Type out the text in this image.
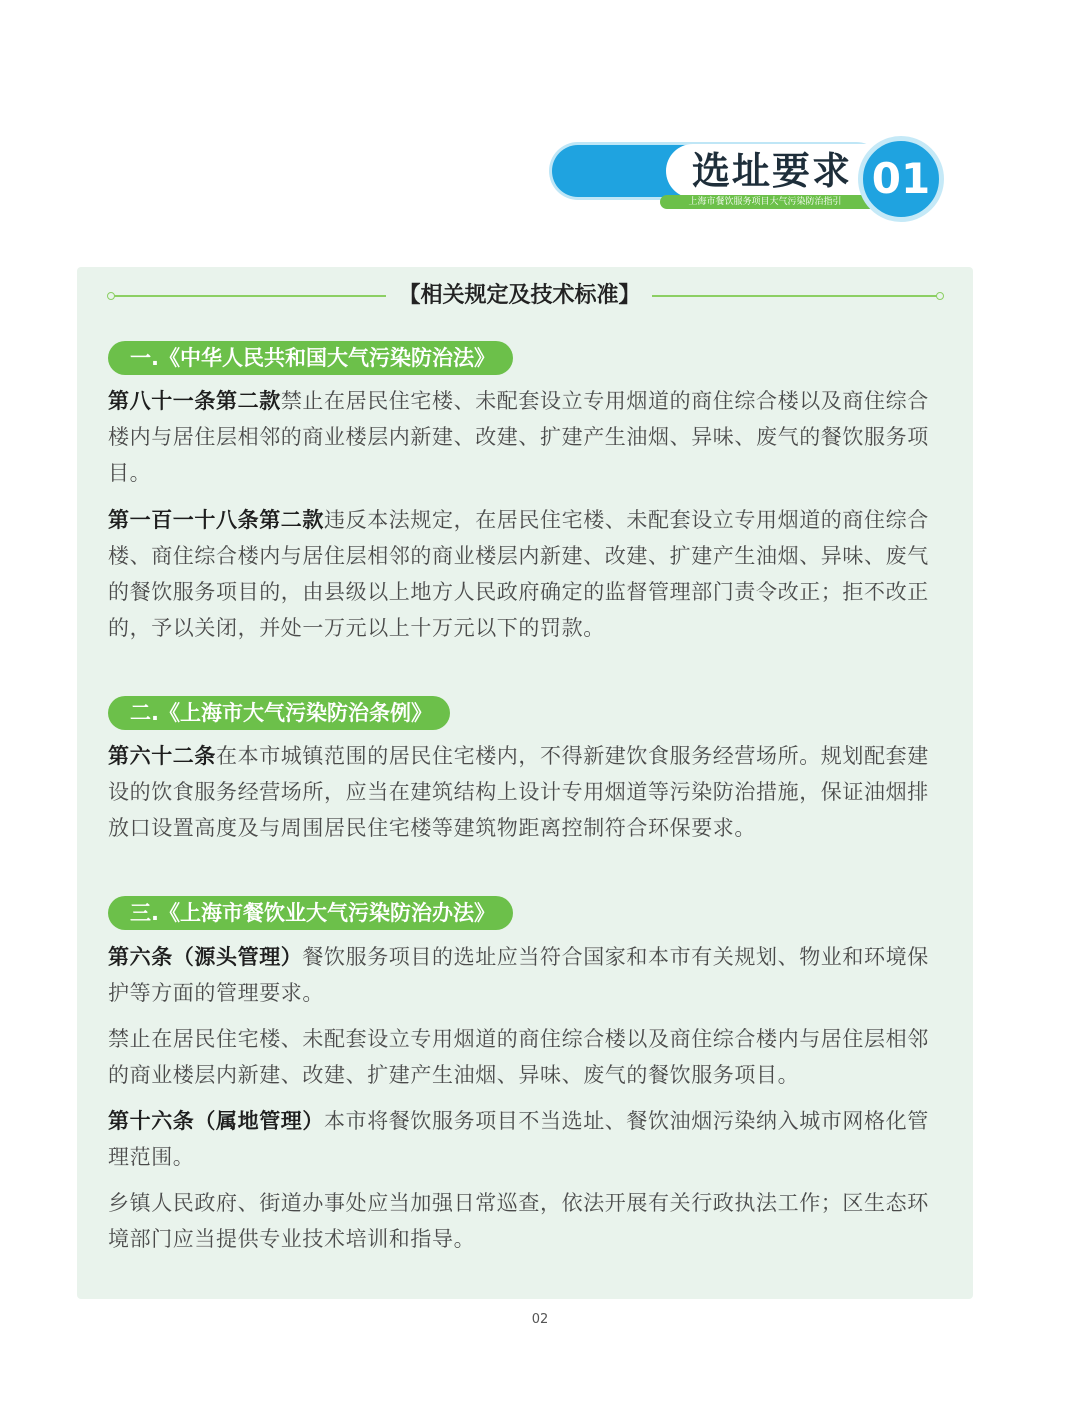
选址要求
上海市餐饮服务项目大气污染防治指引 01
【相关规定及技术标准】
一.《中华人民共和国大气污染防治法》

第八十一条第二款禁止在居民住宅楼、未配套设立专用烟道的商住综合楼以及商住综合楼内与居住层相邻的商业楼层内新建、改建、扩建产生油烟、异味、废气的餐饮服务项目。

第一百一十八条第二款违反本法规定，在居民住宅楼、未配套设立专用烟道的商住综合楼、商住综合楼内与居住层相邻的商业楼层内新建、改建、扩建产生油烟、异味、废气的餐饮服务项目的，由县级以上地方人民政府确定的监督管理部门责令改正；拒不改正的，予以关闭，并处一万元以上十万元以下的罚款。

二.《上海市大气污染防治条例》

第六十二条在本市城镇范围的居民住宅楼内，不得新建饮食服务经营场所。规划配套建设的饮食服务经营场所，应当在建筑结构上设计专用烟道等污染防治措施，保证油烟排放口设置高度及与周围居民住宅楼等建筑物距离控制符合环保要求。

三.《上海市餐饮业大气污染防治办法》

第六条（源头管理）餐饮服务项目的选址应当符合国家和本市有关规划、物业和环境保护等方面的管理要求。

禁止在居民住宅楼、未配套设立专用烟道的商住综合楼以及商住综合楼内与居住层相邻的商业楼层内新建、改建、扩建产生油烟、异味、废气的餐饮服务项目。

第十六条（属地管理）本市将餐饮服务项目不当选址、餐饮油烟污染纳入城市网格化管理范围。

乡镇人民政府、街道办事处应当加强日常巡查，依法开展有关行政执法工作；区生态环境部门应当提供专业技术培训和指导。

02
